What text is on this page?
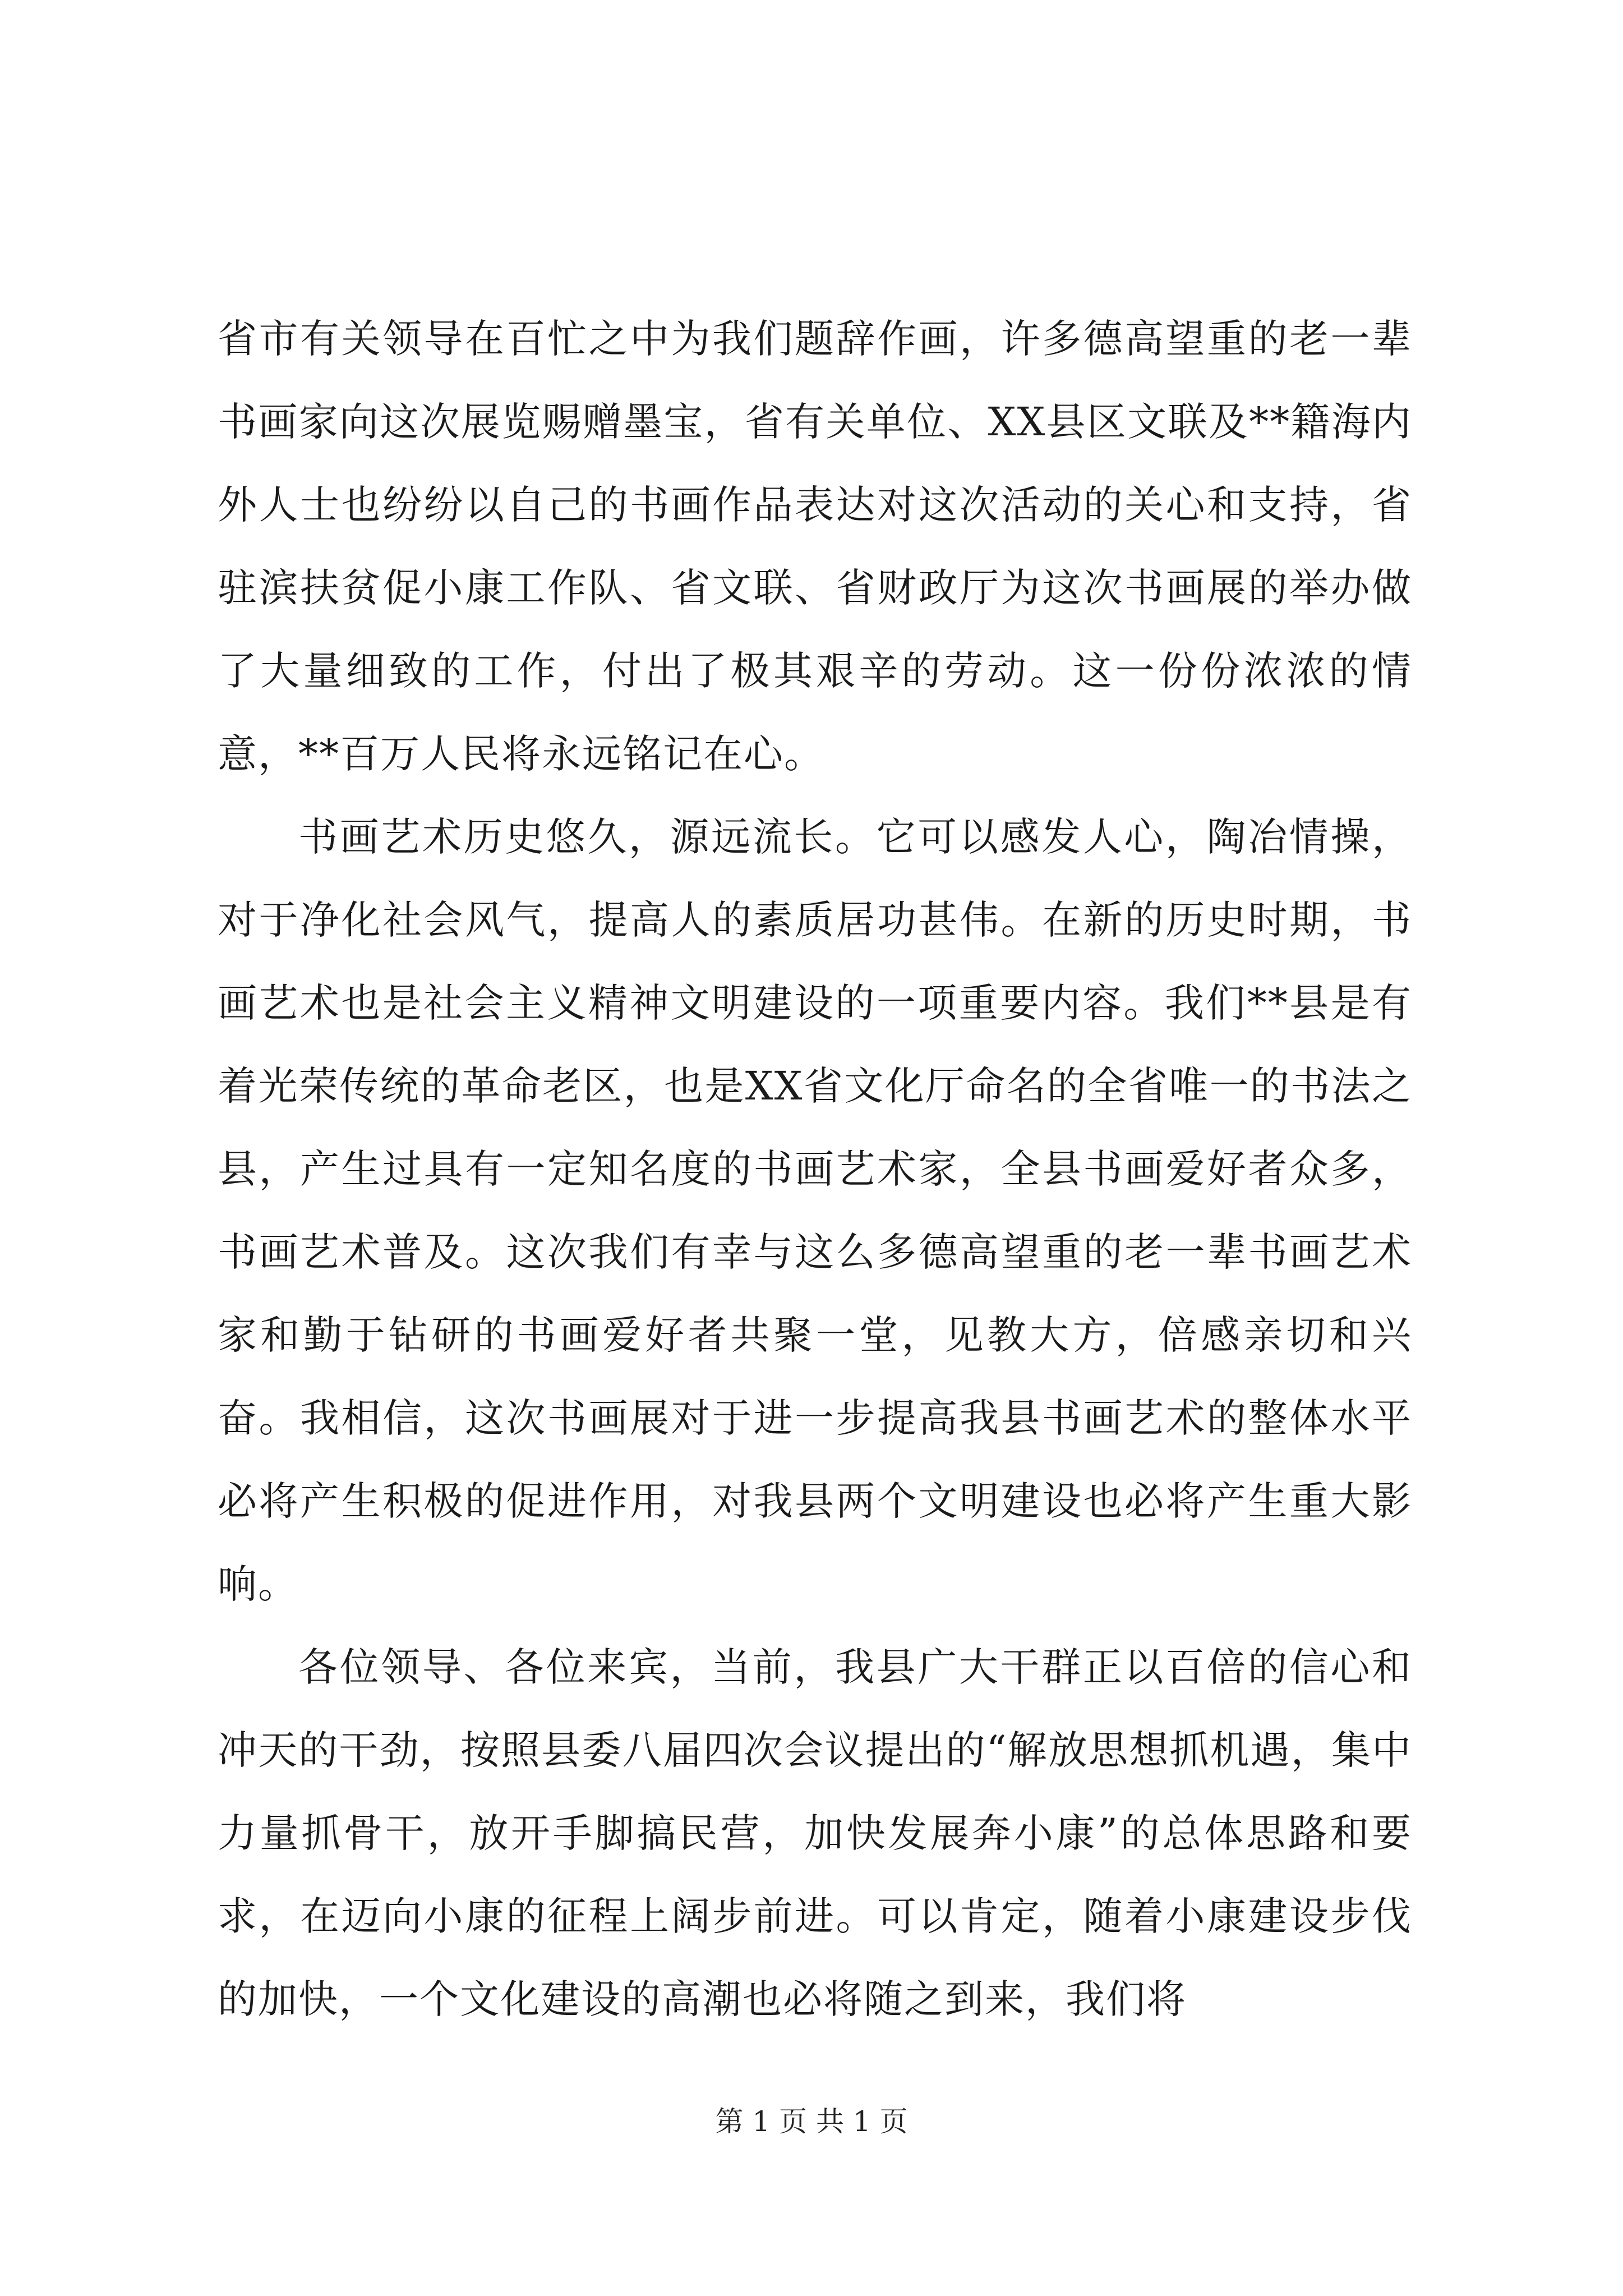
省市有关领导在百忙之中为我们题辞作画，许多德高望重的老一辈书画家向这次展览赐赠墨宝，省有关单位、XX县区文联及**籍海内外人士也纷纷以自己的书画作品表达对这次活动的关心和支持，省驻滨扶贫促小康工作队、省文联、省财政厅为这次书画展的举办做了大量细致的工作，付出了极其艰辛的劳动。这一份份浓浓的情意，**百万人民将永远铭记在心。

书画艺术历史悠久，源远流长。它可以感发人心，陶冶情操，对于净化社会风气，提高人的素质居功甚伟。在新的历史时期，书画艺术也是社会主义精神文明建设的一项重要内容。我们**县是有着光荣传统的革命老区，也是XX省文化厅命名的全省唯一的书法之县，产生过具有一定知名度的书画艺术家，全县书画爱好者众多，书画艺术普及。这次我们有幸与这么多德高望重的老一辈书画艺术家和勤于钻研的书画爱好者共聚一堂，见教大方，倍感亲切和兴奋。我相信，这次书画展对于进一步提高我县书画艺术的整体水平必将产生积极的促进作用，对我县两个文明建设也必将产生重大影响。

各位领导、各位来宾，当前，我县广大干群正以百倍的信心和冲天的干劲，按照县委八届四次会议提出的“解放思想抓机遇，集中力量抓骨干，放开手脚搞民营，加快发展奔小康”的总体思路和要求，在迈向小康的征程上阔步前进。可以肯定，随着小康建设步伐的加快，一个文化建设的高潮也必将随之到来，我们将

第 1 页 共 1 页
